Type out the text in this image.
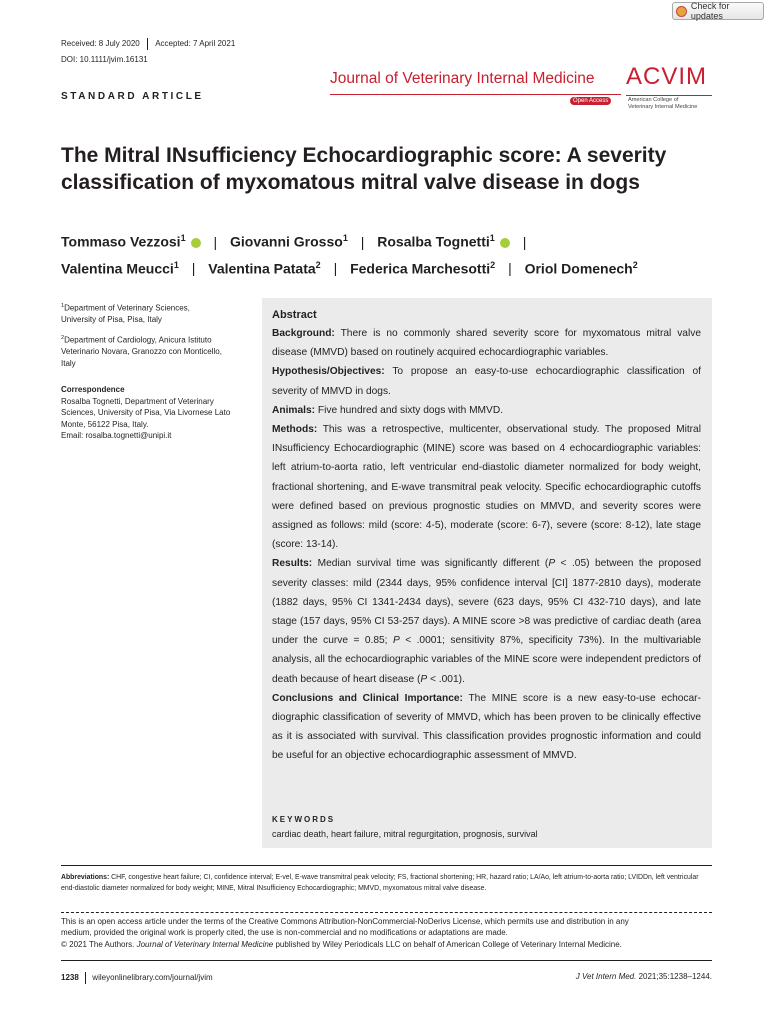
Check for updates
Received: 8 July 2020 Accepted: 7 April 2021
DOI: 10.1111/jvim.16131
STANDARD ARTICLE
Journal of Veterinary Internal Medicine
Open Access
ACVIM
American College of
Veterinary Internal Medicine
The Mitral INsufficiency Echocardiographic score: A severity
classification of myxomatous mitral valve disease in dogs
Tommaso Vezzosi$^1$ | Giovanni Grosso$^1$ | Rosalba Tognetti$^1$ |
Valentina Meucci$^1$ | Valentina Patata$^2$ | Federica Marchesotti$^2$ | Oriol Domenech$^2$
$^1$Department of Veterinary Sciences,
University of Pisa, Pisa, Italy
$^2$Department of Cardiology, Anicura Istituto
Veterinario Novara, Granozzo con Monticello,
Italy
Correspondence
Rosalba Tognetti, Department of Veterinary
Sciences, University of Pisa, Via Livornese Lato
Monte, 56122 Pisa, Italy.
Email: rosalba.tognetti@unipi.it
Abstract

Background: There is no commonly shared severity score for myxomatous mitral valve disease (MMVD) based on routinely acquired echocardiographic variables.

Hypothesis/Objectives: To propose an easy-to-use echocardiographic classification of severity of MMVD in dogs.

Animals: Five hundred and sixty dogs with MMVD.

Methods: This was a retrospective, multicenter, observational study. The proposed Mitral INsufficiency Echocardiographic (MINE) score was based on 4 echocardiographic variables: left atrium-to-aorta ratio, left ventricular end-diastolic diameter normalized for body weight, fractional shortening, and E-wave transmitral peak velocity. Specific echocardiographic cutoffs were defined based on previous prognostic studies on MMVD, and severity scores were assigned as follows: mild (score: 4-5), moderate (score: 6-7), severe (score: 8-12), late stage (score: 13-14).

Results: Median survival time was significantly different (P < .05) between the proposed severity classes: mild (2344 days, 95% confidence interval [CI] 1877-2810 days), moderate (1882 days, 95% CI 1341-2434 days), severe (623 days, 95% CI 432-710 days), and late stage (157 days, 95% CI 53-257 days). A MINE score >8 was predictive of cardiac death (area under the curve = 0.85; P < .0001; sensitivity 87%, specificity 73%). In the multivariable analysis, all the echocardiographic variables of the MINE score were independent predictors of death because of heart disease (P < .001).

Conclusions and Clinical Importance: The MINE score is a new easy-to-use echocardiographic classification of severity of MMVD, which has been proven to be clinically effective as it is associated with survival. This classification provides prognostic information and could be useful for an objective echocardiographic assessment of MMVD.

KEYWORDS
cardiac death, heart failure, mitral regurgitation, prognosis, survival
Abbreviations: CHF, congestive heart failure; CI, confidence interval; E-vel, E-wave transmitral peak velocity; FS, fractional shortening; HR, hazard ratio; LA/Ao, left atrium-to-aorta ratio; LVIDDn, left ventricular end-diastolic diameter normalized for body weight; MINE, Mitral INsufficiency Echocardiographic; MMVD, myxomatous mitral valve disease.
This is an open access article under the terms of the Creative Commons Attribution-NonCommercial-NoDerivs License, which permits use and distribution in any
medium, provided the original work is properly cited, the use is non-commercial and no modifications or adaptations are made.
© 2021 The Authors. Journal of Veterinary Internal Medicine published by Wiley Periodicals LLC on behalf of American College of Veterinary Internal Medicine.
1238 wileyonlinelibrary.com/journal/jvim	J Vet Intern Med. 2021;35:1238–1244.
